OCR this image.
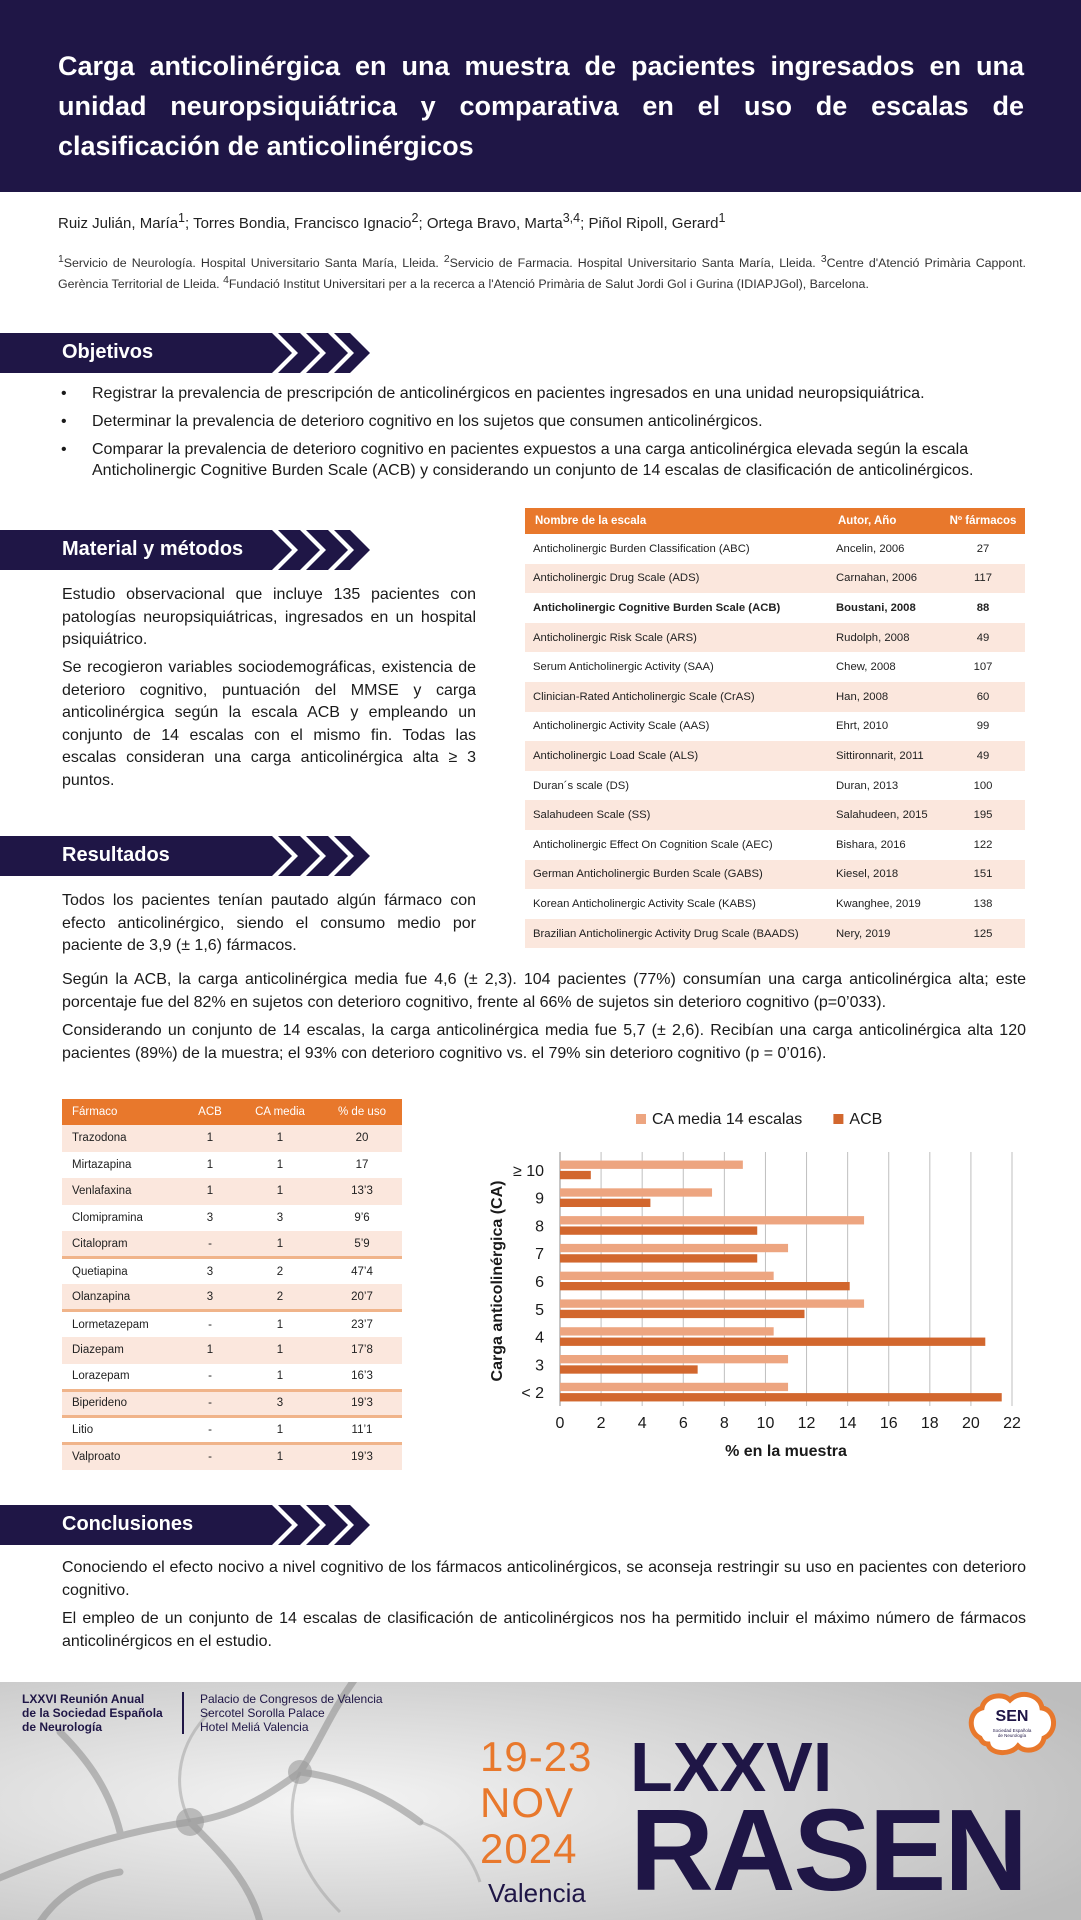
Carga anticolinérgica en una muestra de pacientes ingresados en una unidad neuropsiquiátrica y comparativa en el uso de escalas de clasificación de anticolinérgicos
Ruiz Julián, María$^1$; Torres Bondia, Francisco Ignacio$^2$; Ortega Bravo, Marta$^{3,4}$; Piñol Ripoll, Gerard$^1$
$^1$Servicio de Neurología. Hospital Universitario Santa María, Lleida. $^2$Servicio de Farmacia. Hospital Universitario Santa María, Lleida. $^3$Centre d'Atenció Primària Cappont. Gerència Territorial de Lleida. $^4$Fundació Institut Universitari per a la recerca a l'Atenció Primària de Salut Jordi Gol i Gurina (IDIAPJGol), Barcelona.
Objetivos
• Registrar la prevalencia de prescripción de anticolinérgicos en pacientes ingresados en una unidad neuropsiquiátrica.
• Determinar la prevalencia de deterioro cognitivo en los sujetos que consumen anticolinérgicos.
• Comparar la prevalencia de deterioro cognitivo en pacientes expuestos a una carga anticolinérgica elevada según la escala Anticholinergic Cognitive Burden Scale (ACB) y considerando un conjunto de 14 escalas de clasificación de anticolinérgicos.
Material y métodos

Estudio observacional que incluye 135 pacientes con patologías neuropsiquiátricas, ingresados en un hospital psiquiátrico.

Se recogieron variables sociodemográficas, existencia de deterioro cognitivo, puntuación del MMSE y carga anticolinérgica según la escala ACB y empleando un conjunto de 14 escalas con el mismo fin. Todas las escalas consideran una carga anticolinérgica alta ≥ 3 puntos.

Nombre de la escala	Autor, Año	Nº fármacos
Anticholinergic Burden Classification (ABC)	Ancelin, 2006	27
Anticholinergic Drug Scale (ADS)	Carnahan, 2006	117
Anticholinergic Cognitive Burden Scale (ACB)	Boustani, 2008	88
Anticholinergic Risk Scale (ARS)	Rudolph, 2008	49
Serum Anticholinergic Activity (SAA)	Chew, 2008	107
Clinician-Rated Anticholinergic Scale (CrAS)	Han, 2008	60
Anticholinergic Activity Scale (AAS)	Ehrt, 2010	99
Anticholinergic Load Scale (ALS)	Sittironnarit, 2011	49
Duran´s scale (DS)	Duran, 2013	100
Salahudeen Scale (SS)	Salahudeen, 2015	195
Anticholinergic Effect On Cognition Scale (AEC)	Bishara, 2016	122
German Anticholinergic Burden Scale (GABS)	Kiesel, 2018	151
Korean Anticholinergic Activity Scale (KABS)	Kwanghee, 2019	138
Brazilian Anticholinergic Activity Drug Scale (BAADS)	Nery, 2019	125
Resultados

Todos los pacientes tenían pautado algún fármaco con efecto anticolinérgico, siendo el consumo medio por paciente de 3,9 (± 1,6) fármacos.

Según la ACB, la carga anticolinérgica media fue 4,6 (± 2,3). 104 pacientes (77%) consumían una carga anticolinérgica alta; este porcentaje fue del 82% en sujetos con deterioro cognitivo, frente al 66% de sujetos sin deterioro cognitivo (p=0’033).

Considerando un conjunto de 14 escalas, la carga anticolinérgica media fue 5,7 (± 2,6). Recibían una carga anticolinérgica alta 120 pacientes (89%) de la muestra; el 93% con deterioro cognitivo vs. el 79% sin deterioro cognitivo (p = 0’016).

Fármaco	ACB	CA media	% de uso
Trazodona	1	1	20
Mirtazapina	1	1	17
Venlafaxina	1	1	13’3
Clomipramina	3	3	9’6
Citalopram	-	1	5’9
Quetiapina	3	2	47’4
Olanzapina	3	2	20’7
Lormetazepam	-	1	23’7
Diazepam	1	1	17’8
Lorazepam	-	1	16’3
Biperideno	-	3	19’3
Litio	-	1	11’1
Valproato	-	1	19’3
0 2 4 6 8 10 12 14 16 18 20 22
< 2
3
4
5
6
7
8
9
≥ 10
% en la muestra
Carga anticolinérgica (CA)
CA media 14 escalas	ACB
Conclusiones

Conociendo el efecto nocivo a nivel cognitivo de los fármacos anticolinérgicos, se aconseja restringir su uso en pacientes con deterioro cognitivo.

El empleo de un conjunto de 14 escalas de clasificación de anticolinérgicos nos ha permitido incluir el máximo número de fármacos anticolinérgicos en el estudio.

LXXVI Reunión Anual
de la Sociedad Española
de Neurología
Palacio de Congresos de Valencia
Sercotel Sorolla Palace
Hotel Meliá Valencia
19-23
NOV
2024
Valencia
LXXVI
RASEN
SEN
Sociedad Española
de Neurología
